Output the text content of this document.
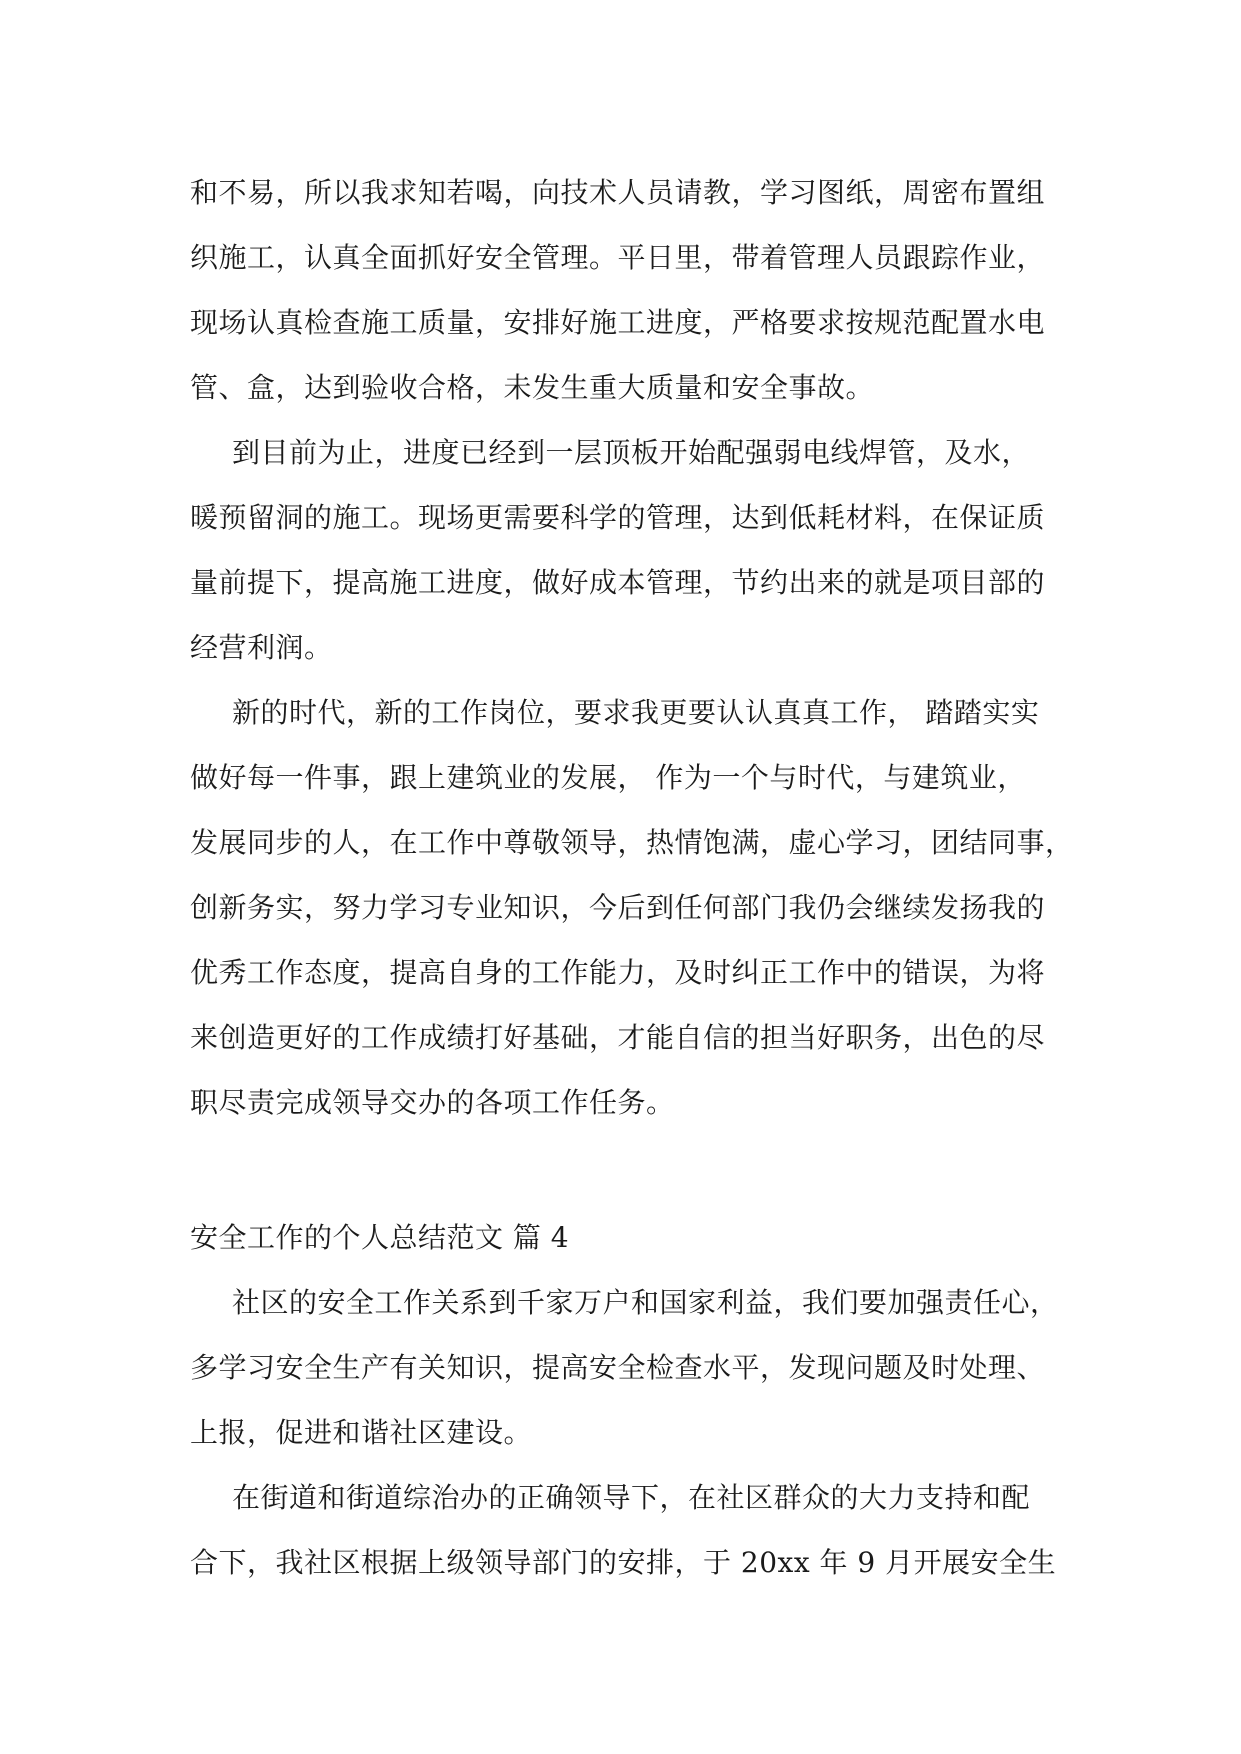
和不易，所以我求知若喝，向技术人员请教，学习图纸，周密布置组
织施工，认真全面抓好安全管理。平日里，带着管理人员跟踪作业，
现场认真检查施工质量，安排好施工进度，严格要求按规范配置水电
管、盒，达到验收合格，未发生重大质量和安全事故。
到目前为止，进度已经到一层顶板开始配强弱电线焊管，及水，
暖预留洞的施工。现场更需要科学的管理，达到低耗材料，在保证质
量前提下，提高施工进度，做好成本管理，节约出来的就是项目部的
经营利润。
新的时代，新的工作岗位，要求我更要认认真真工作， 踏踏实实
做好每一件事，跟上建筑业的发展， 作为一个与时代，与建筑业，
发展同步的人，在工作中尊敬领导，热情饱满，虚心学习，团结同事，
创新务实，努力学习专业知识，今后到任何部门我仍会继续发扬我的
优秀工作态度，提高自身的工作能力，及时纠正工作中的错误，为将
来创造更好的工作成绩打好基础，才能自信的担当好职务，出色的尽
职尽责完成领导交办的各项工作任务。
安全工作的个人总结范文 篇 4
社区的安全工作关系到千家万户和国家利益，我们要加强责任心，
多学习安全生产有关知识，提高安全检查水平，发现问题及时处理、
上报，促进和谐社区建设。
在街道和街道综治办的正确领导下，在社区群众的大力支持和配
合下，我社区根据上级领导部门的安排，于 20xx 年 9 月开展安全生
